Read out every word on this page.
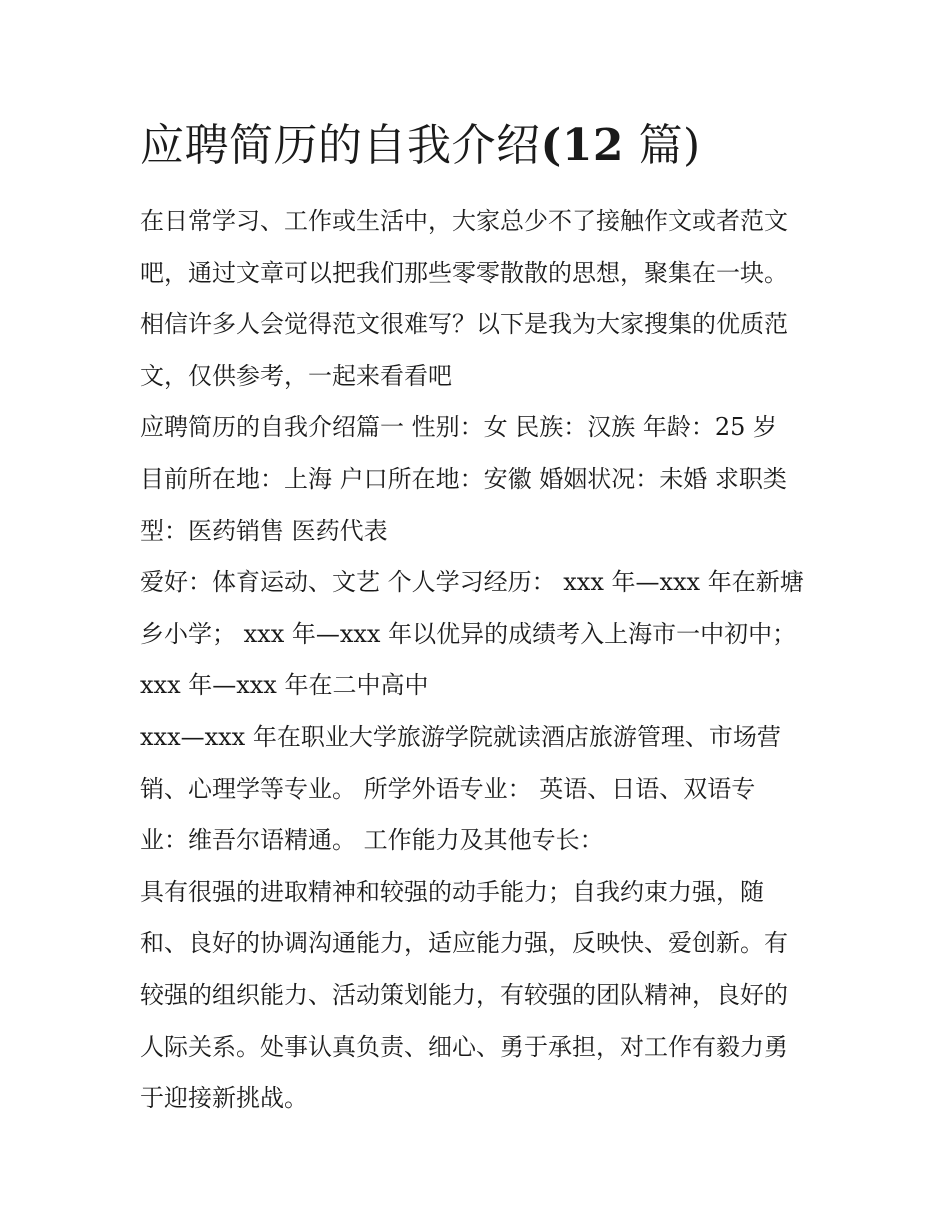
应聘简历的自我介绍(12 篇)

在日常学习、工作或生活中，大家总少不了接触作文或者范文

吧，通过文章可以把我们那些零零散散的思想，聚集在一块。

相信许多人会觉得范文很难写？以下是我为大家搜集的优质范

文，仅供参考，一起来看看吧

应聘简历的自我介绍篇一 性别：女 民族：汉族 年龄：25 岁

目前所在地：上海 户口所在地：安徽 婚姻状况：未婚 求职类

型：医药销售 医药代表

爱好：体育运动、文艺 个人学习经历： xxx 年—xxx 年在新塘

乡小学； xxx 年—xxx 年以优异的成绩考入上海市一中初中；

xxx 年—xxx 年在二中高中

xxx—xxx 年在职业大学旅游学院就读酒店旅游管理、市场营

销、心理学等专业。 所学外语专业： 英语、日语、双语专

业：维吾尔语精通。 工作能力及其他专长：

具有很强的进取精神和较强的动手能力；自我约束力强，随

和、良好的协调沟通能力，适应能力强，反映快、爱创新。有

较强的组织能力、活动策划能力，有较强的团队精神，良好的

人际关系。处事认真负责、细心、勇于承担，对工作有毅力勇

于迎接新挑战。
